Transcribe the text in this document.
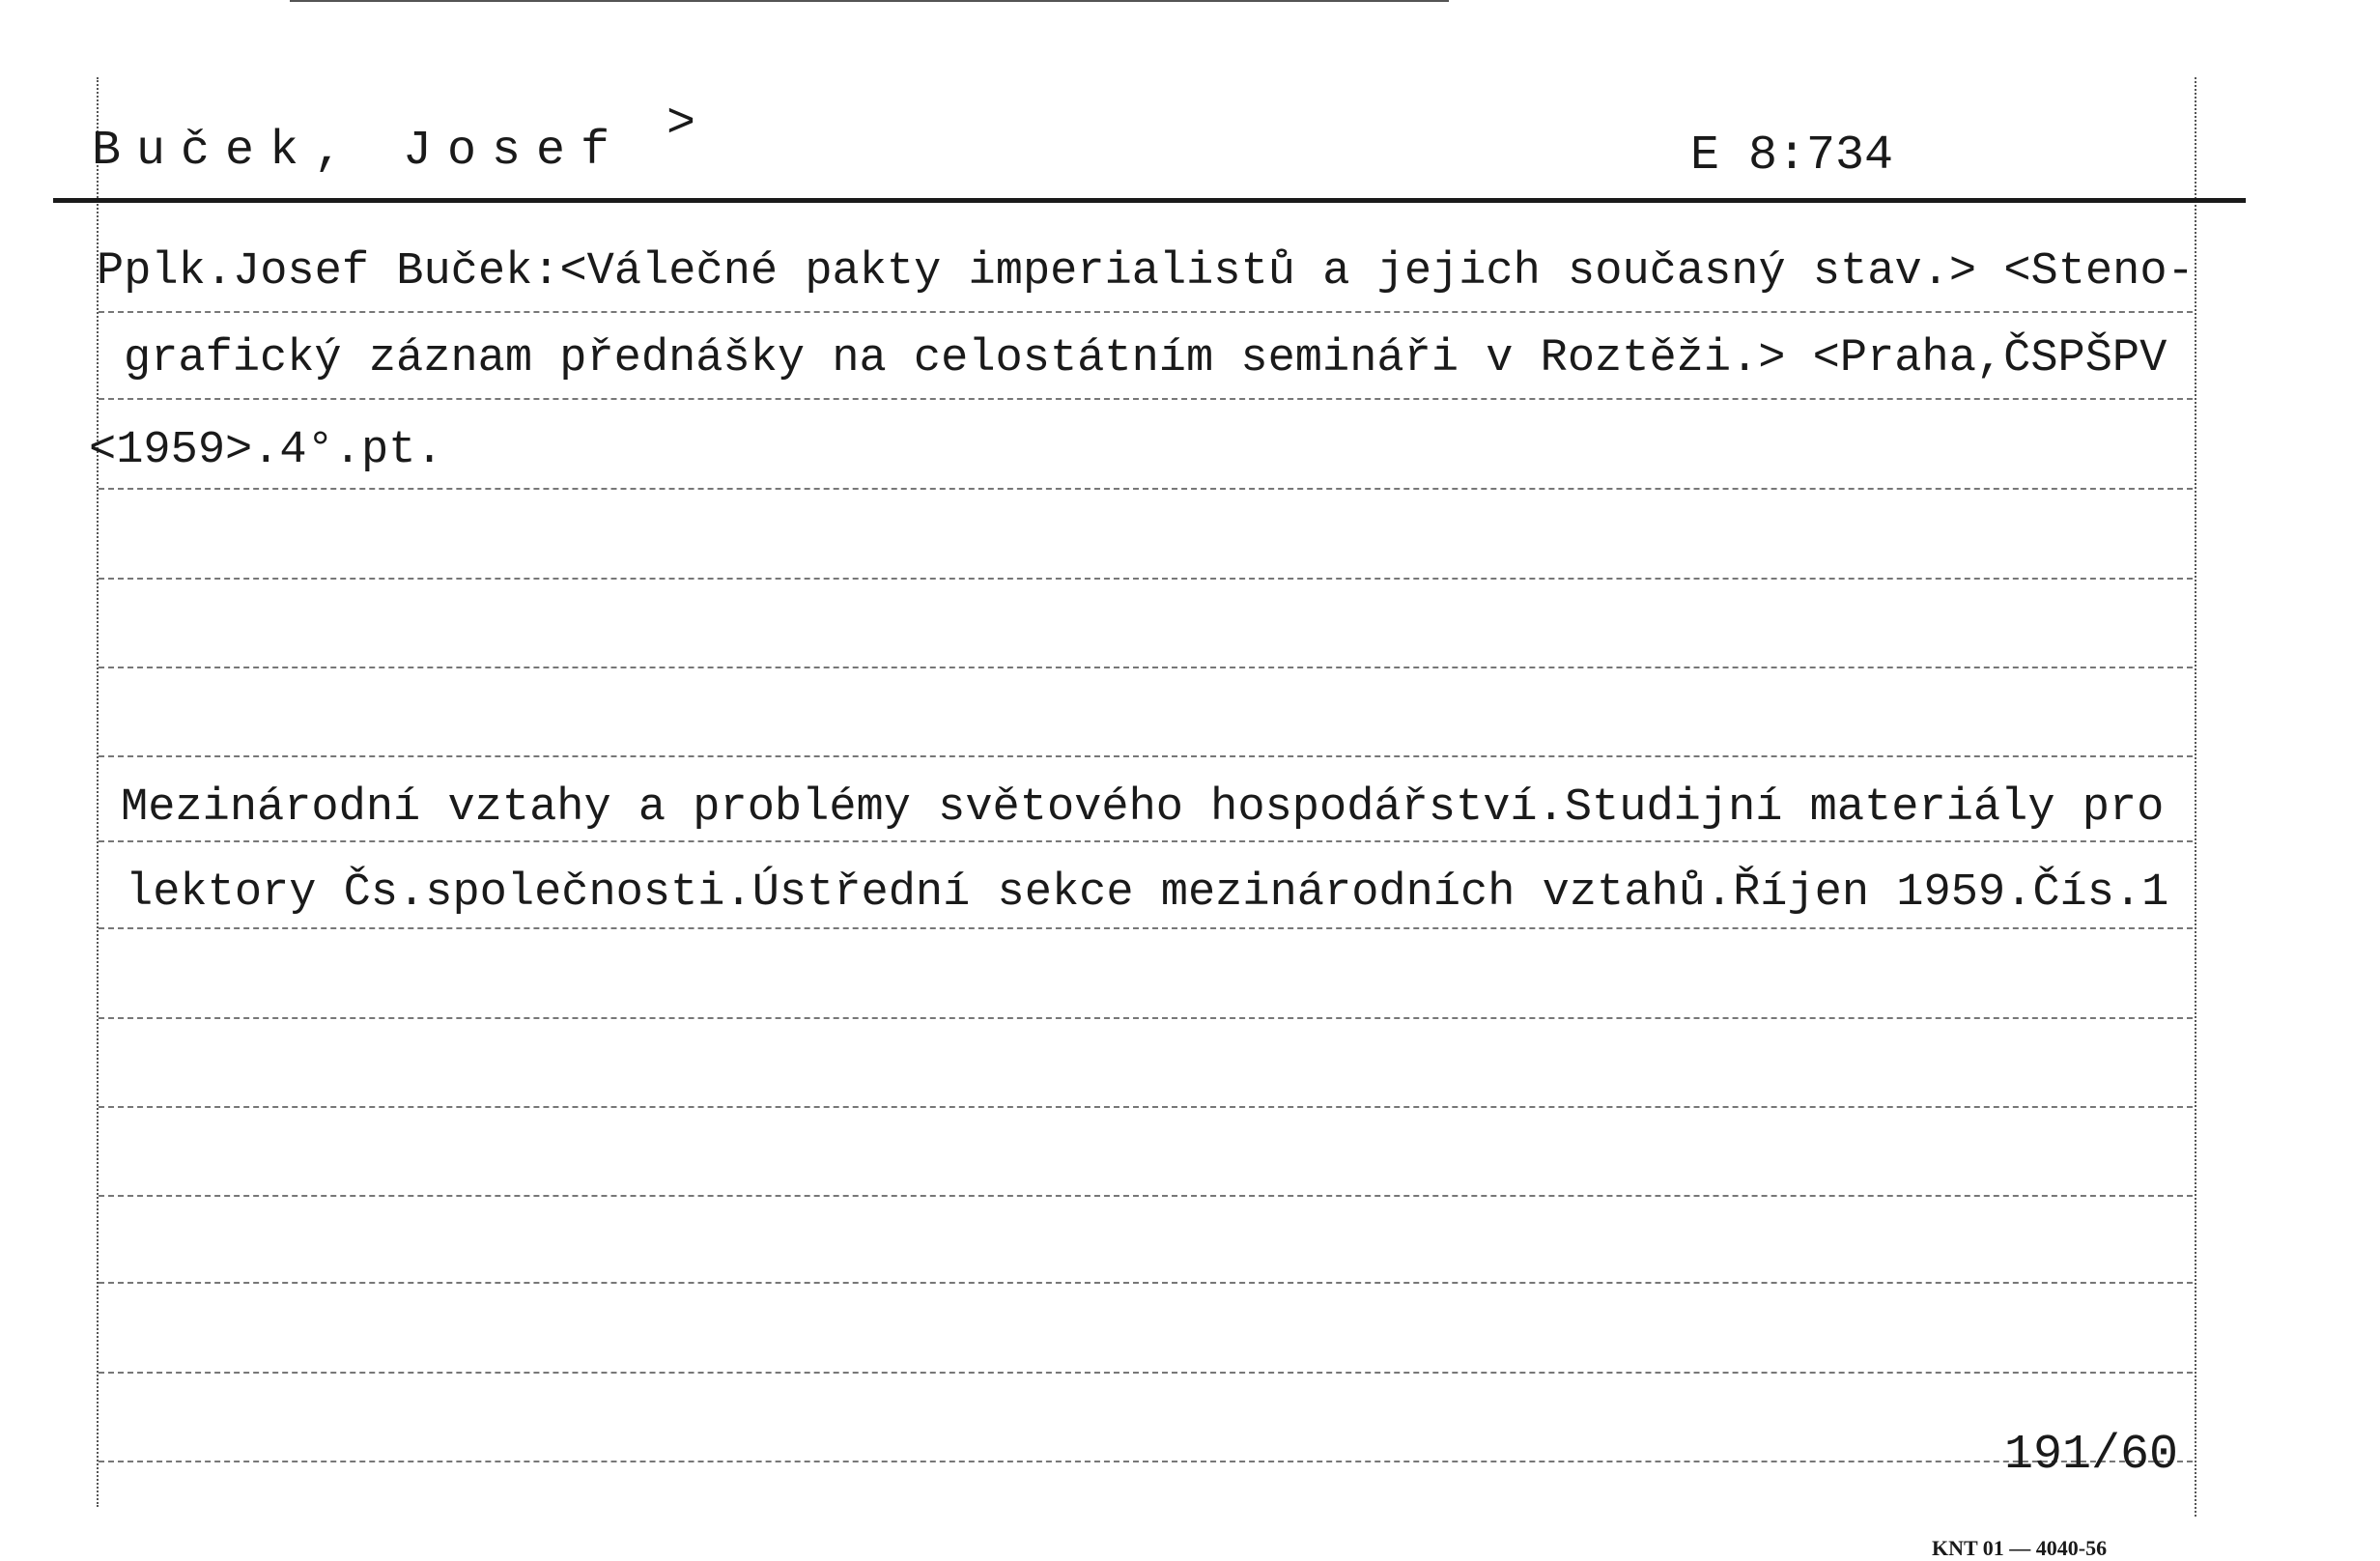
Buček, Josef >
E 8:734
Pplk.Josef Buček:<Válečné pakty imperialistů a jejich současný stav.> <Steno-
grafický záznam přednášky na celostátním semináři v Roztěži.> <Praha,ČSPŠPV
<1959>.4°.pt.
Mezinárodní vztahy a problémy světového hospodářství.Studijní materiály pro
lektory Čs.společnosti.Ústřední sekce mezinárodních vztahů.Říjen 1959.Čís.1
191/60
KNT 01 — 4040-56
